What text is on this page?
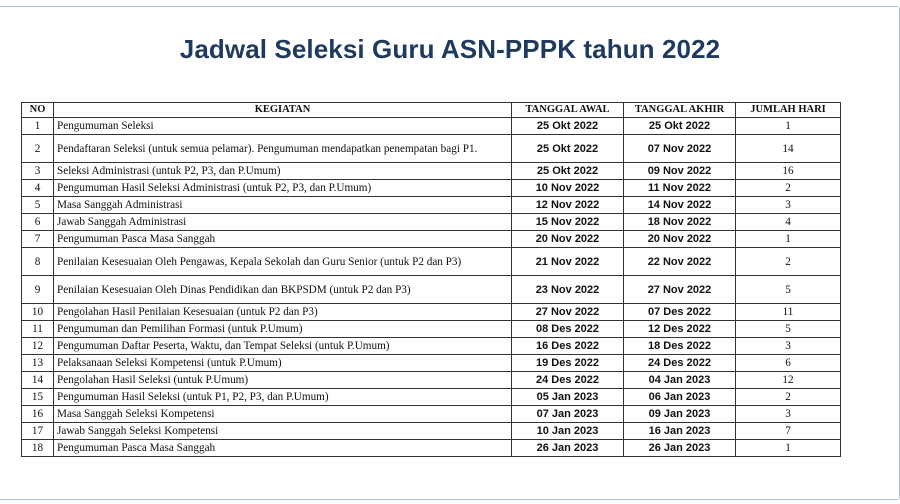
Jadwal Seleksi Guru ASN-PPPK tahun 2022
NO	KEGIATAN	TANGGAL AWAL	TANGGAL AKHIR	JUMLAH HARI
1	Pengumuman Seleksi	25 Okt 2022	25 Okt 2022	1
2	Pendaftaran Seleksi (untuk semua pelamar). Pengumuman mendapatkan penempatan bagi P1.	25 Okt 2022	07 Nov 2022	14
3	Seleksi Administrasi (untuk P2, P3, dan P.Umum)	25 Okt 2022	09 Nov 2022	16
4	Pengumuman Hasil Seleksi Administrasi (untuk P2, P3, dan P.Umum)	10 Nov 2022	11 Nov 2022	2
5	Masa Sanggah Administrasi	12 Nov 2022	14 Nov 2022	3
6	Jawab Sanggah Administrasi	15 Nov 2022	18 Nov 2022	4
7	Pengumuman Pasca Masa Sanggah	20 Nov 2022	20 Nov 2022	1
8	Penilaian Kesesuaian Oleh Pengawas, Kepala Sekolah dan Guru Senior (untuk P2 dan P3)	21 Nov 2022	22 Nov 2022	2
9	Penilaian Kesesuaian Oleh Dinas Pendidikan dan BKPSDM (untuk P2 dan P3)	23 Nov 2022	27 Nov 2022	5
10	Pengolahan Hasil Penilaian Kesesuaian (untuk P2 dan P3)	27 Nov 2022	07 Des 2022	11
11	Pengumuman dan Pemilihan Formasi (untuk P.Umum)	08 Des 2022	12 Des 2022	5
12	Pengumuman Daftar Peserta, Waktu, dan Tempat Seleksi (untuk P.Umum)	16 Des 2022	18 Des 2022	3
13	Pelaksanaan Seleksi Kompetensi (untuk P.Umum)	19 Des 2022	24 Des 2022	6
14	Pengolahan Hasil Seleksi (untuk P.Umum)	24 Des 2022	04 Jan 2023	12
15	Pengumuman Hasil Seleksi (untuk P1, P2, P3, dan P.Umum)	05 Jan 2023	06 Jan 2023	2
16	Masa Sanggah Seleksi Kompetensi	07 Jan 2023	09 Jan 2023	3
17	Jawab Sanggah Seleksi Kompetensi	10 Jan 2023	16 Jan 2023	7
18	Pengumuman Pasca Masa Sanggah	26 Jan 2023	26 Jan 2023	1
